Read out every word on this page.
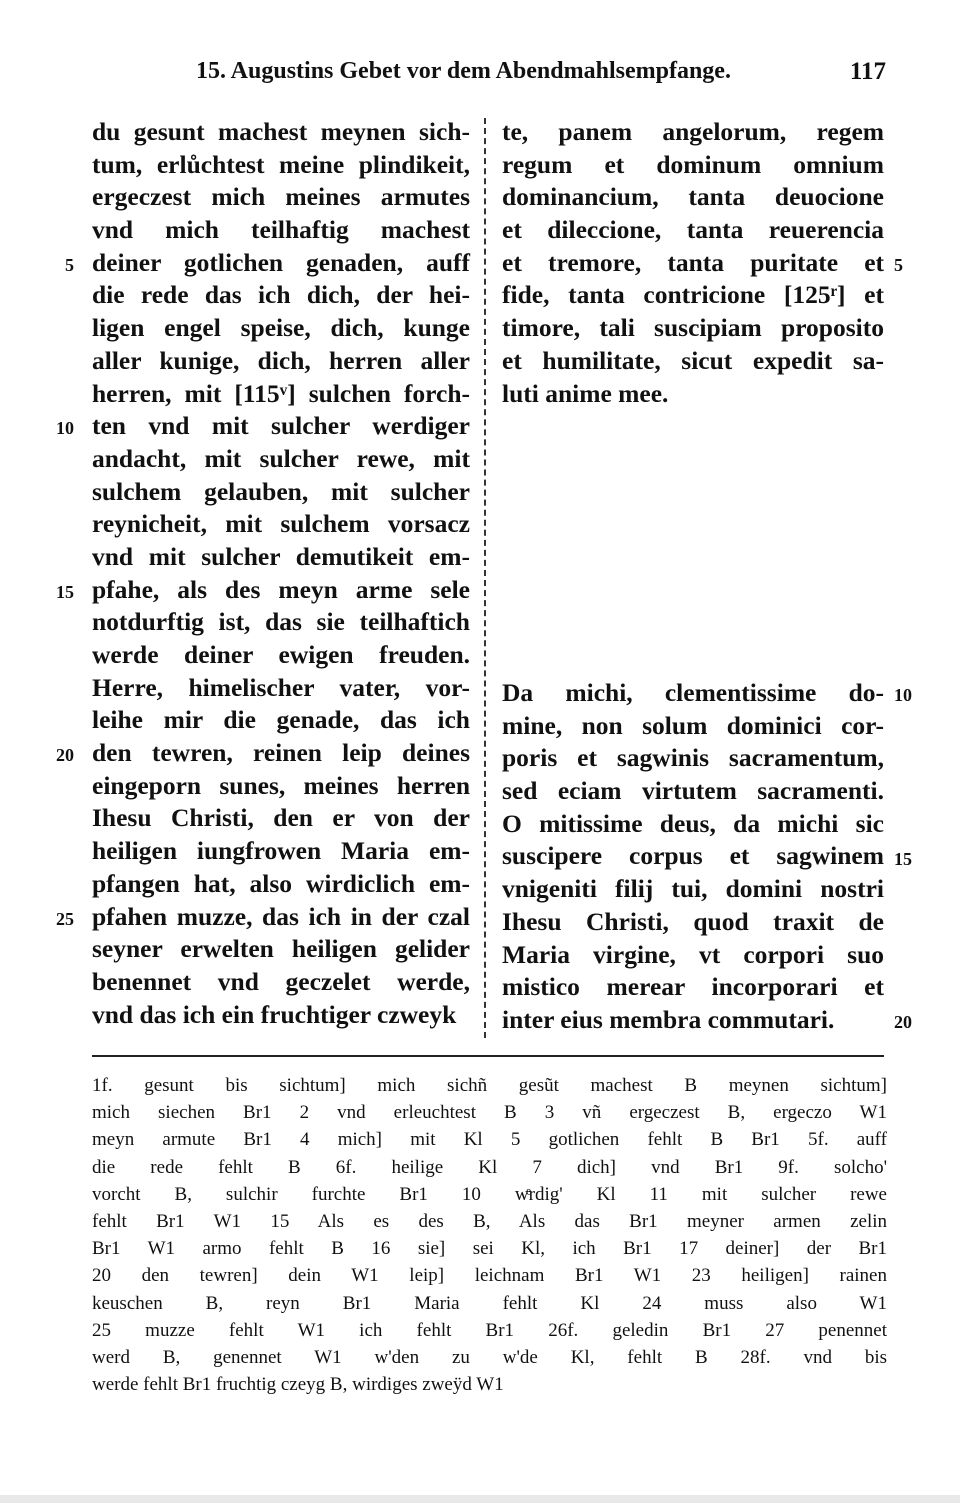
15. Augustins Gebet vor dem Abendmahlsempfange.	117
du gesunt machest meynen sich-
tum, erlůchtest meine plindikeit,
ergeczest mich meines armutes
vnd mich teilhaftig machest
deiner gotlichen genaden, auff
die rede das ich dich, der hei-
ligen engel speise, dich, kunge
aller kunige, dich, herren aller
herren, mit [115ᵛ] sulchen forch-
ten vnd mit sulcher werdiger
andacht, mit sulcher rewe, mit
sulchem gelauben, mit sulcher
reynicheit, mit sulchem vorsacz
vnd mit sulcher demutikeit em-
pfahe, als des meyn arme sele
notdurftig ist, das sie teilhaftich
werde deiner ewigen freuden.
Herre, himelischer vater, vor-
leihe mir die genade, das ich
den tewren, reinen leip deines
eingeporn sunes, meines herren
Ihesu Christi, den er von der
heiligen iungfrowen Maria em-
pfangen hat, also wirdiclich em-
pfahen muzze, das ich in der czal
seyner erwelten heiligen gelider
benennet vnd geczelet werde,
vnd das ich ein fruchtiger czweyk
te, panem angelorum, regem
regum et dominum omnium
dominancium, tanta deuocione
et dileccione, tanta reuerencia
et tremore, tanta puritate et
fide, tanta contricione [125ʳ] et
timore, tali suscipiam proposito
et humilitate, sicut expedit sa-
luti anime mee.
Da michi, clementissime do-
mine, non solum dominici cor-
poris et sagwinis sacramentum,
sed eciam virtutem sacramenti.
O mitissime deus, da michi sic
suscipere corpus et sagwinem
vnigeniti filij tui, domini nostri
Ihesu Christi, quod traxit de
Maria virgine, vt corpori suo
mistico merear incorporari et
inter eius membra commutari.
5
10
15
20
25
5
10
15
20
1f. gesunt bis sichtum] mich sichñ gesũt machest B meynen sichtum]
mich siechen Br1 2 vnd erleuchtest B 3 vñ ergeczest B, ergeczo W1
meyn armute Br1 4 mich] mit Kl 5 gotlichen fehlt B Br1 5f. auff
die rede fehlt B 6f. heilige Kl 7 dich] vnd Br1 9f. solcho'
vorcht B, sulchir furchte Br1 10 wͤrdig' Kl 11 mit sulcher rewe
fehlt Br1 W1 15 Als es des B, Als das Br1 meyner armen zelin
Br1 W1 armo fehlt B 16 sie] sei Kl, ich Br1 17 deiner] der Br1
20 den tewren] dein W1 leip] leichnam Br1 W1 23 heiligen] rainen
keuschen B, reyn Br1 Maria fehlt Kl 24 muss also W1
25 muzze fehlt W1 ich fehlt Br1 26f. geledin Br1 27 penennet
werd B, genennet W1 w'den zu w'de Kl, fehlt B 28f. vnd bis
werde fehlt Br1 fruchtig czeyg B, wirdiges zweÿd W1
